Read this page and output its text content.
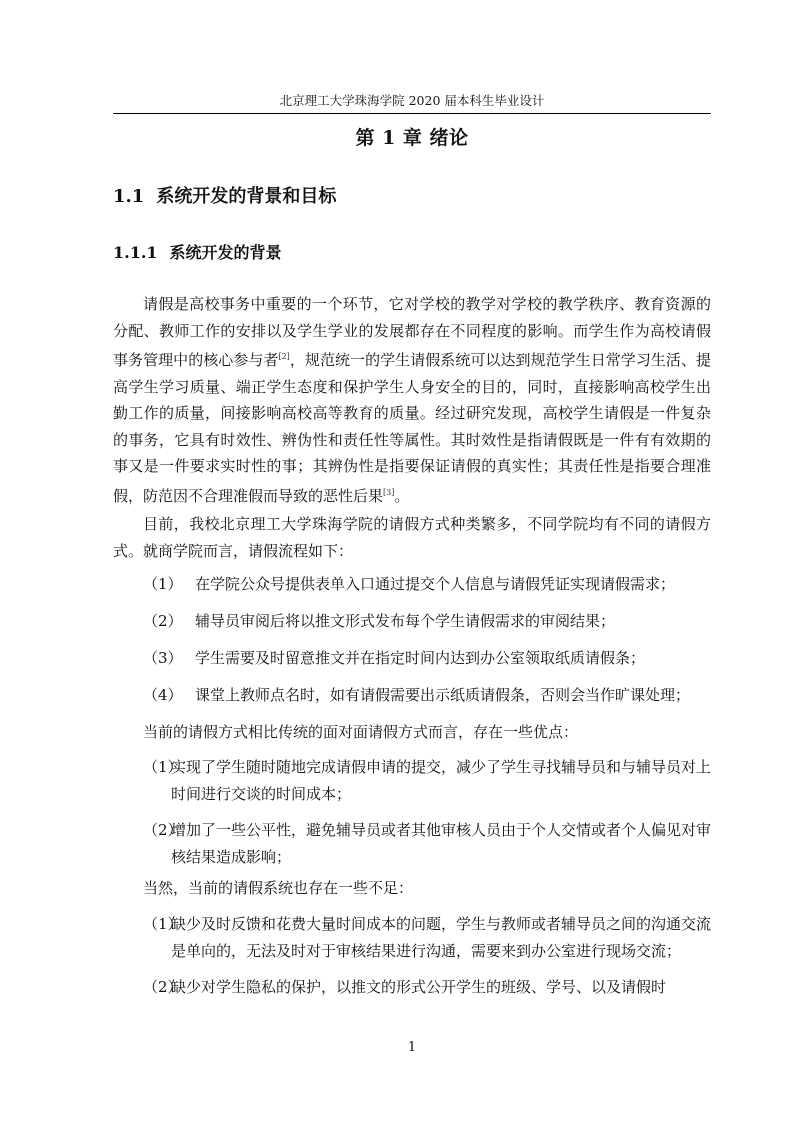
北京理工大学珠海学院 2020 届本科生毕业设计
第 1 章 绪论
1.1 系统开发的背景和目标
1.1.1 系统开发的背景

请假是高校事务中重要的一个环节，它对学校的教学对学校的教学秩序、教育资源的分配、教师工作的安排以及学生学业的发展都存在不同程度的影响。而学生作为高校请假事务管理中的核心参与者[2]，规范统一的学生请假系统可以达到规范学生日常学习生活、提高学生学习质量、端正学生态度和保护学生人身安全的目的，同时，直接影响高校学生出勤工作的质量，间接影响高校高等教育的质量。经过研究发现，高校学生请假是一件复杂的事务，它具有时效性、辨伪性和责任性等属性。其时效性是指请假既是一件有有效期的事又是一件要求实时性的事；其辨伪性是指要保证请假的真实性；其责任性是指要合理准假，防范因不合理准假而导致的恶性后果[3]。

目前，我校北京理工大学珠海学院的请假方式种类繁多，不同学院均有不同的请假方式。就商学院而言，请假流程如下：

（1） 在学院公众号提供表单入口通过提交个人信息与请假凭证实现请假需求；
（2） 辅导员审阅后将以推文形式发布每个学生请假需求的审阅结果；
（3） 学生需要及时留意推文并在指定时间内达到办公室领取纸质请假条；
（4） 课堂上教师点名时，如有请假需要出示纸质请假条，否则会当作旷课处理；

当前的请假方式相比传统的面对面请假方式而言，存在一些优点：

（1）实现了学生随时随地完成请假申请的提交，减少了学生寻找辅导员和与辅导员对上时间进行交谈的时间成本；
（2）增加了一些公平性，避免辅导员或者其他审核人员由于个人交情或者个人偏见对审核结果造成影响；

当然，当前的请假系统也存在一些不足：

（1）缺少及时反馈和花费大量时间成本的问题，学生与教师或者辅导员之间的沟通交流是单向的，无法及时对于审核结果进行沟通，需要来到办公室进行现场交流；
（2）缺少对学生隐私的保护，以推文的形式公开学生的班级、学号、以及请假时
1
